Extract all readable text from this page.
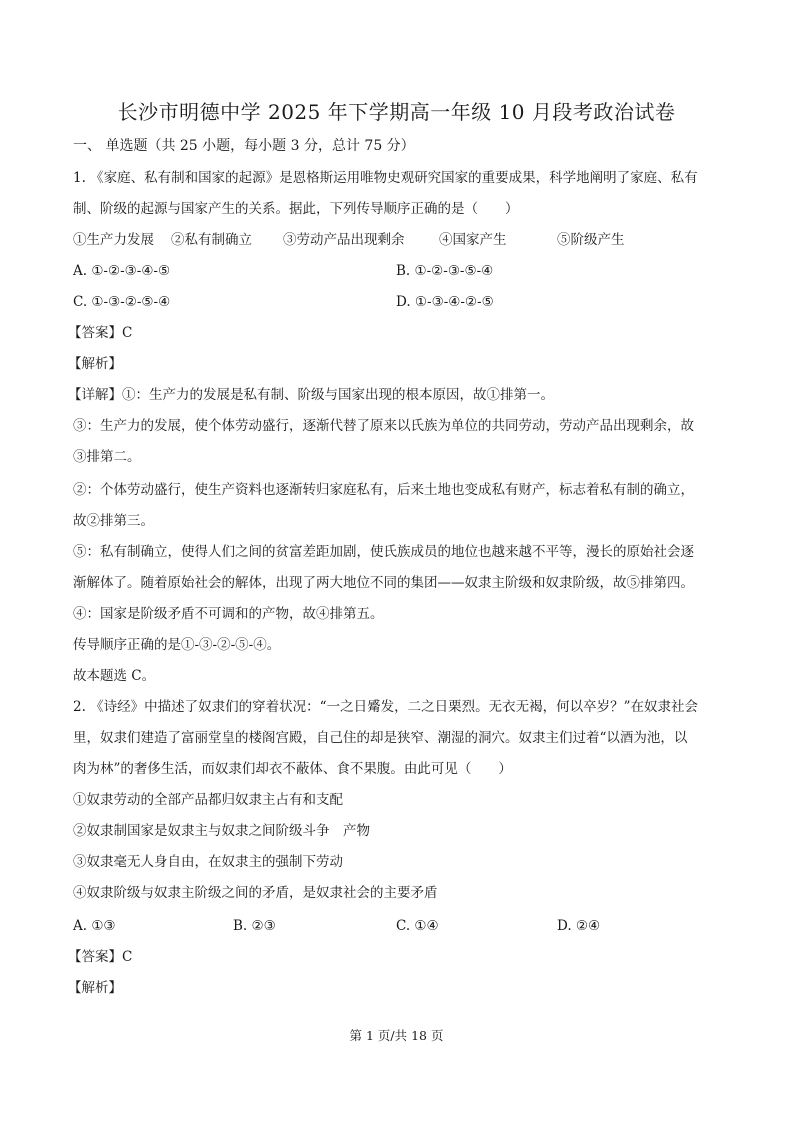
长沙市明德中学 2025 年下学期高一年级 10 月段考政治试卷
一、 单选题（共 25 小题，每小题 3 分，总计 75 分）
1. 《家庭、私有制和国家的起源》是恩格斯运用唯物史观研究国家的重要成果，科学地阐明了家庭、私有
制、阶级的起源与国家产生的关系。据此，下列传导顺序正确的是（　　）
①生产力发展 ②私有制确立 ③劳动产品出现剩余	④国家产生	⑤阶级产生
A. ①-②-③-④-⑤	B. ①-②-③-⑤-④
C. ①-③-②-⑤-④	D. ①-③-④-②-⑤
【答案】C
【解析】
【详解】①：生产力的发展是私有制、阶级与国家出现的根本原因，故①排第一。
③：生产力的发展，使个体劳动盛行，逐渐代替了原来以氏族为单位的共同劳动，劳动产品出现剩余，故
③排第二。
②：个体劳动盛行，使生产资料也逐渐转归家庭私有，后来土地也变成私有财产，标志着私有制的确立，
故②排第三。
⑤：私有制确立，使得人们之间的贫富差距加剧，使氏族成员的地位也越来越不平等，漫长的原始社会逐
渐解体了。随着原始社会的解体，出现了两大地位不同的集团——奴隶主阶级和奴隶阶级，故⑤排第四。
④：国家是阶级矛盾不可调和的产物，故④排第五。
传导顺序正确的是①-③-②-⑤-④。
故本题选 C。
2. 《诗经》中描述了奴隶们的穿着状况：“一之日觱发，二之日栗烈。无衣无褐，何以卒岁？”在奴隶社会
里，奴隶们建造了富丽堂皇的楼阁宫殿，自己住的却是狭窄、潮湿的洞穴。奴隶主们过着“以酒为池，以
肉为林”的奢侈生活，而奴隶们却衣不蔽体、食不果腹。由此可见（　　）
①奴隶劳动的全部产品都归奴隶主占有和支配
②奴隶制国家是奴隶主与奴隶之间阶级斗争　产物
③奴隶毫无人身自由，在奴隶主的强制下劳动
④奴隶阶级与奴隶主阶级之间的矛盾，是奴隶社会的主要矛盾
A. ①③	B. ②③	C. ①④	D. ②④
【答案】C
【解析】
第 1 页/共 18 页
